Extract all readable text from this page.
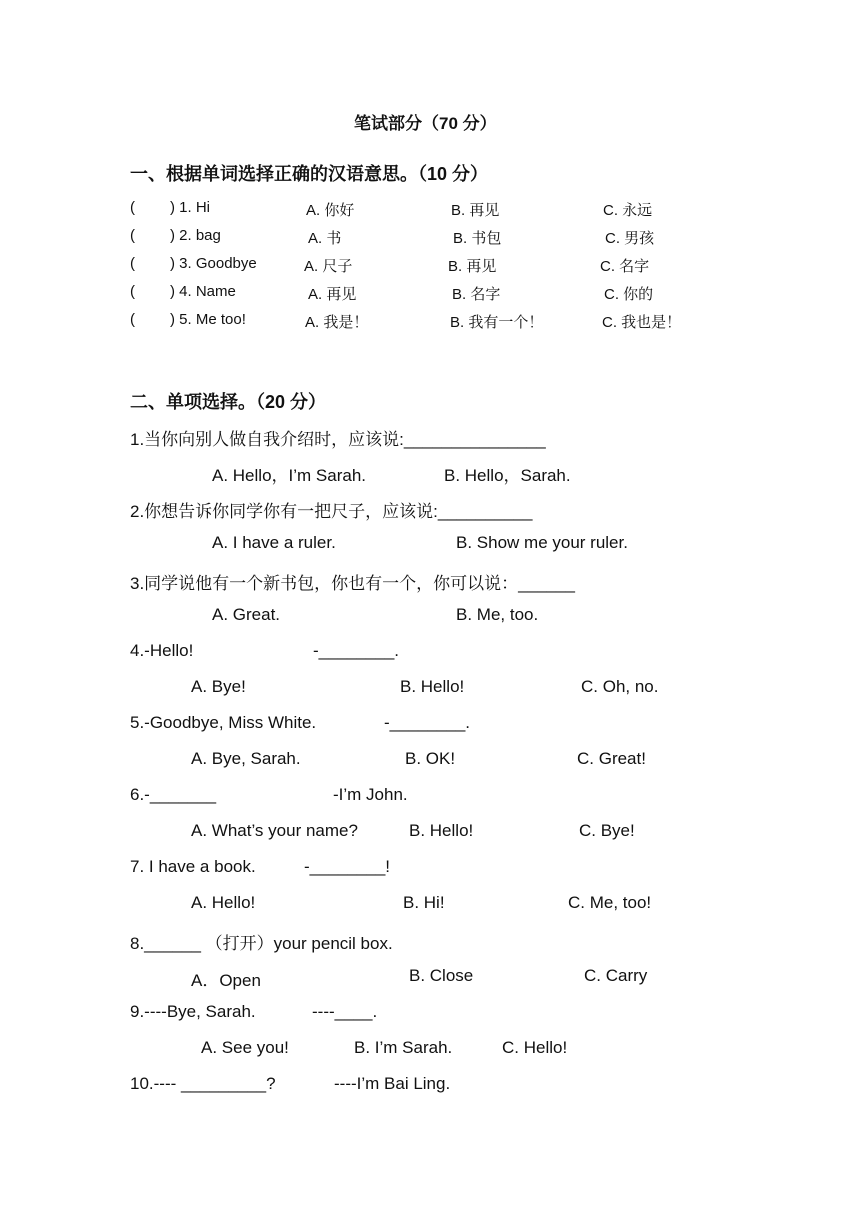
笔试部分（70 分）
一、根据单词选择正确的汉语意思。（10 分）
( ) 1. Hi	A. 你好	B. 再见	C. 永远
( ) 2. bag	A. 书	B. 书包	C. 男孩
( ) 3. Goodbye	A. 尺子	B. 再见	C. 名字
( ) 4. Name	A. 再见	B. 名字	C. 你的
( ) 5. Me too!	A. 我是！	B. 我有一个！	C. 我也是！
二、单项选择。（20 分）
1.当你向别人做自我介绍时，应该说:_______________
A. Hello，I’m Sarah.	B. Hello，Sarah.
2.你想告诉你同学你有一把尺子，应该说:__________
A. I have a ruler.	B. Show me your ruler.
3.同学说他有一个新书包，你也有一个，你可以说：______
A. Great.	B. Me, too.
4.-Hello!	-________.
A. Bye!	B. Hello!	C. Oh, no.
5.-Goodbye, Miss White.	-________.
A. Bye, Sarah.	B. OK!	C. Great!
6.-_______	-I’m John.
A. What’s your name?	B. Hello!	C. Bye!
7. I have a book.	-________!
A. Hello!	B. Hi!	C. Me, too!
8.______ （打开）your pencil box.
A．Open	B. Close	C. Carry
9.----Bye, Sarah.	----____.
A. See you!	B. I’m Sarah.	C. Hello!
10.---- _________?	----I’m Bai Ling.
